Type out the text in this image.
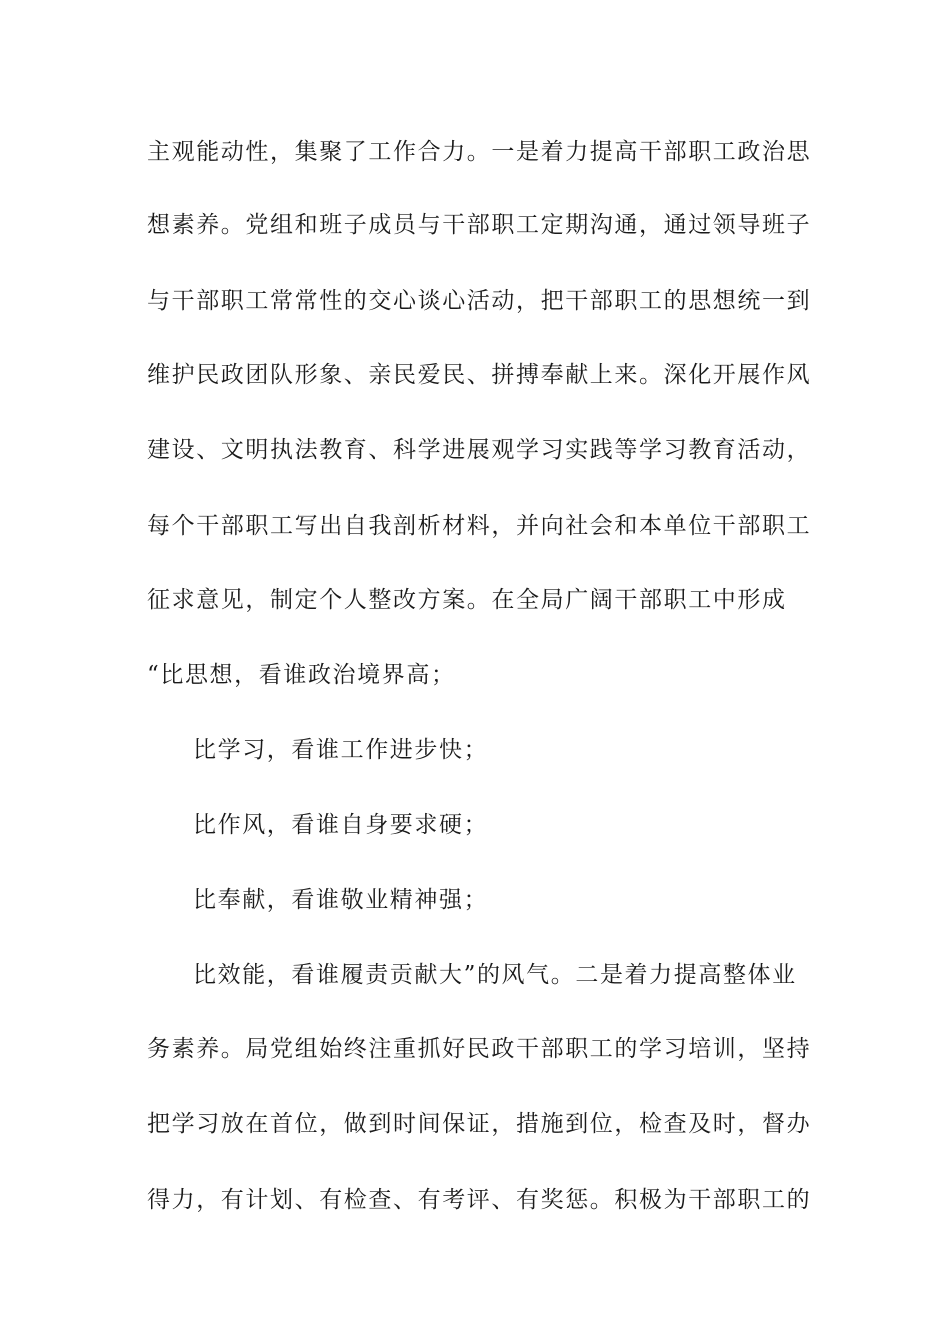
主观能动性，集聚了工作合力。一是着力提高干部职工政治思
想素养。党组和班子成员与干部职工定期沟通，通过领导班子
与干部职工常常性的交心谈心活动，把干部职工的思想统一到
维护民政团队形象、亲民爱民、拼搏奉献上来。深化开展作风
建设、文明执法教育、科学进展观学习实践等学习教育活动，
每个干部职工写出自我剖析材料，并向社会和本单位干部职工
征求意见，制定个人整改方案。在全局广阔干部职工中形成
“比思想，看谁政治境界高；
比学习，看谁工作进步快；
比作风，看谁自身要求硬；
比奉献，看谁敬业精神强；
比效能，看谁履责贡献大”的风气。二是着力提高整体业
务素养。局党组始终注重抓好民政干部职工的学习培训，坚持
把学习放在首位，做到时间保证，措施到位，检查及时，督办
得力，有计划、有检查、有考评、有奖惩。积极为干部职工的
